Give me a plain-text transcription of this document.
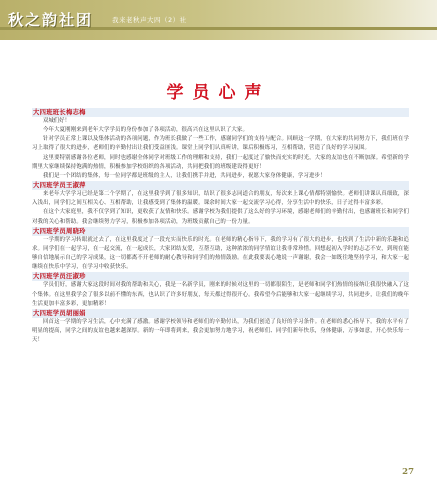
秋之韵社团	我来老秋声大四（2）社
学员心声
大四班班长梅志梅

双城们好！

今年大夏刚刚来到老年大学学员的身份参加了各项活动，很高兴在这里认识了大家。

针对学员正常上课以及集体活动的各项问题，作为班长我做了一些工作，感谢同学们的支持与配合。回顾这一学期，在大家的共同努力下，我们班在学习上取得了很大的进步，老师们的辛勤付出让我们受益匪浅。课堂上同学们认真听讲，课后积极练习，互相帮助，营造了良好的学习氛围。

这里要特别感谢各位老师，同时也感谢全体同学对班级工作的理解和支持，我们一起度过了愉快而充实的时光，大家的友谊也在不断加深。希望新的学期里大家继续保持饱满的热情，积极参加学校组织的各项活动，共同把我们的班级建设得更好！

我们是一个团结的集体，每一位同学都是班级的主人，让我们携手并进，共同进步，祝愿大家身体健康，学习进步！

大四班学员王淑萍

来老年大学学习已经是第二个学期了，在这里我学到了很多知识，结识了很多志同道合的朋友，每次来上课心情都特别愉快。老师们讲课认真细致，深入浅出，同学们之间互相关心、互相帮助，让我感受到了集体的温暖。课余时间大家一起交流学习心得，分享生活中的快乐，日子过得丰富多彩。

在这个大家庭里，我不仅学到了知识，更收获了友情和快乐。感谢学校为我们提供了这么好的学习环境，感谢老师们的辛勤付出，也感谢班长和同学们对我的关心和帮助。我会继续努力学习，积极参加各项活动，为班级贡献自己的一份力量。

大四班学员周晓玲

一学期的学习转眼就过去了，在这里我度过了一段充实而快乐的时光。在老师的精心指导下，我的学习有了很大的进步，也找到了生活中新的乐趣和追求。同学们在一起学习，在一起交流，在一起成长，大家团结友爱，互帮互助，这种浓浓的同学情谊让我非常珍惜。回想起初入学时的忐忑不安，到现在能够自信地展示自己的学习成果，这一切都离不开老师的耐心教导和同学们的热情鼓励。在此我要衷心地说一声谢谢，我会一如既往地坚持学习，和大家一起继续在快乐中学习，在学习中收获快乐。

大四班学员汪淑珍

学员们好，感谢大家这段时间对我的帮助和关心，我是一名新学员，刚来的时候对这里的一切都很陌生，是老师和同学们热情的接纳让我很快融入了这个集体。在这里我学会了很多以前不懂的东西，也认识了许多好朋友，每天都过得很开心。我希望今后能够和大家一起继续学习，共同进步，让我们的晚年生活更加丰富多彩，更加精彩！

大四班学员胡丽娟

回首这一学期的学习生活，心中充满了感激。感谢学校领导和老师们的辛勤付出，为我们创造了良好的学习条件。在老师的悉心指导下，我的水平有了明显的提高，同学之间的友谊也越来越深厚。新的一年即将到来，我会更加努力地学习，祝老师们、同学们新年快乐，身体健康，万事如意，开心快乐每一天！

27
